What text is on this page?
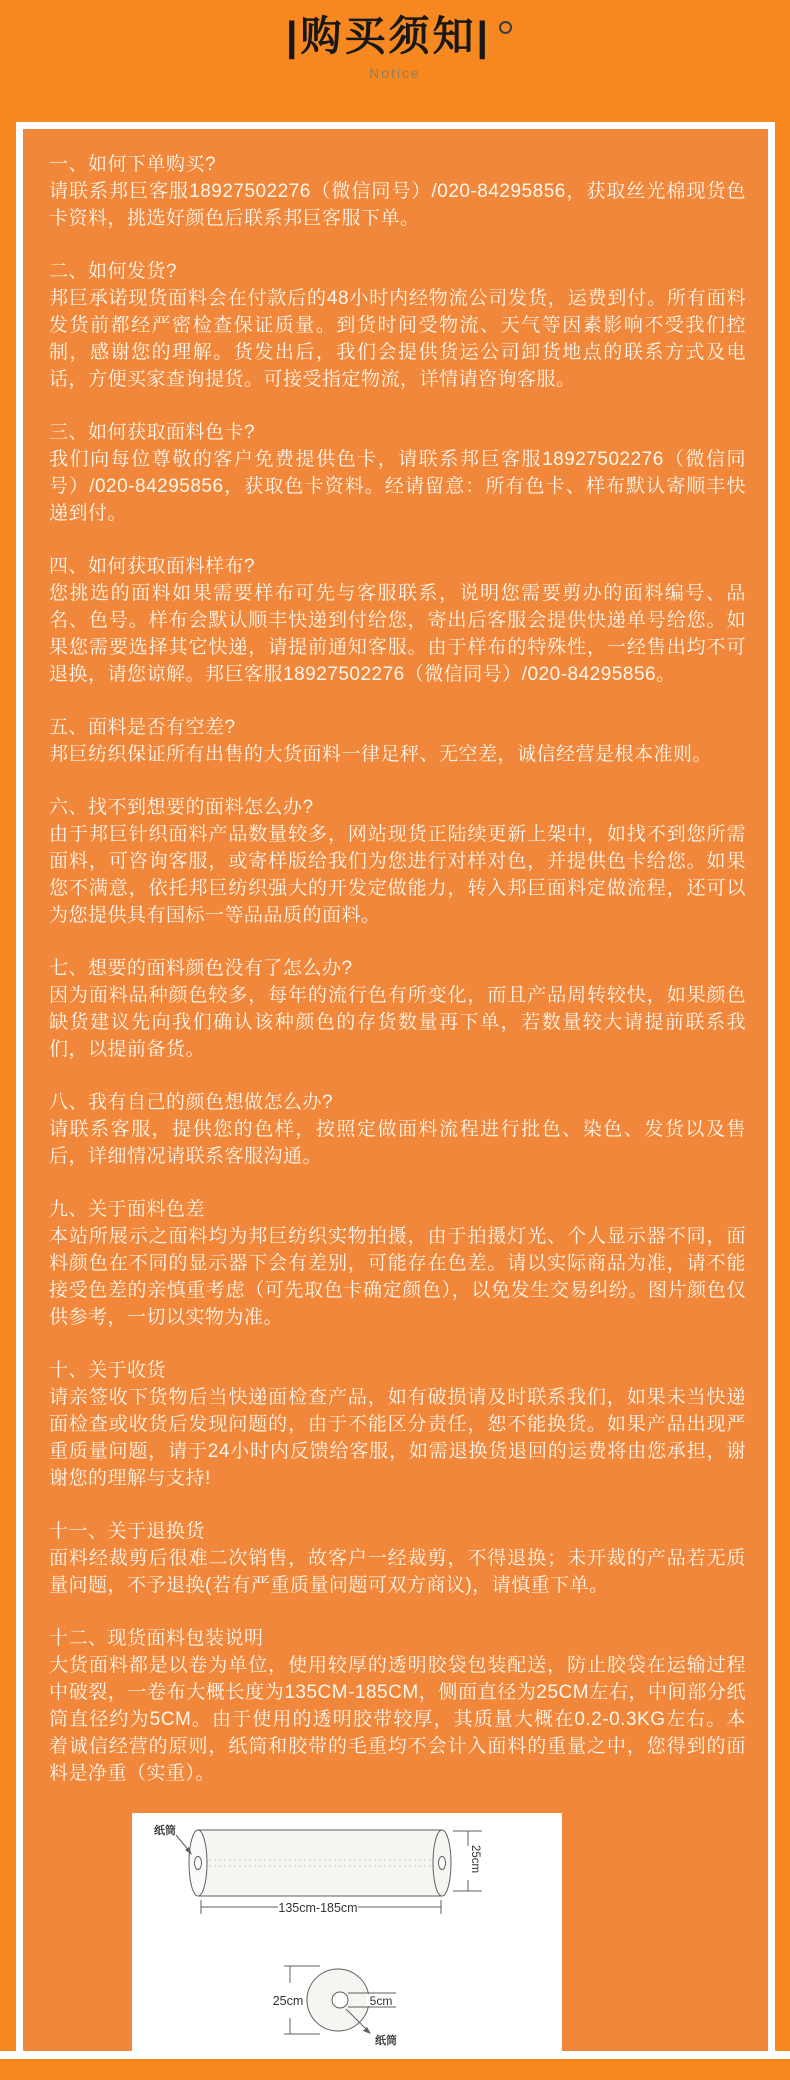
|购买须知|
Notice
一、如何下单购买?
请联系邦巨客服18927502276（微信同号）/020-84295856，获取丝光棉现货色卡资料，挑选好颜色后联系邦巨客服下单。
二、如何发货?
邦巨承诺现货面料会在付款后的48小时内经物流公司发货，运费到付。所有面料发货前都经严密检查保证质量。到货时间受物流、天气等因素影响不受我们控制，感谢您的理解。货发出后，我们会提供货运公司卸货地点的联系方式及电话，方便买家查询提货。可接受指定物流，详情请咨询客服。
三、如何获取面料色卡?
我们向每位尊敬的客户免费提供色卡，请联系邦巨客服18927502276（微信同号）/020-84295856，获取色卡资料。经请留意：所有色卡、样布默认寄顺丰快递到付。
四、如何获取面料样布?
您挑选的面料如果需要样布可先与客服联系，说明您需要剪办的面料编号、品名、色号。样布会默认顺丰快递到付给您，寄出后客服会提供快递单号给您。如果您需要选择其它快递，请提前通知客服。由于样布的特殊性，一经售出均不可退换，请您谅解。邦巨客服18927502276（微信同号）/020-84295856。
五、面料是否有空差?
邦巨纺织保证所有出售的大货面料一律足秤、无空差，诚信经营是根本准则。
六、找不到想要的面料怎么办?
由于邦巨针织面料产品数量较多，网站现货正陆续更新上架中，如找不到您所需面料，可咨询客服，或寄样版给我们为您进行对样对色，并提供色卡给您。如果您不满意，依托邦巨纺织强大的开发定做能力，转入邦巨面料定做流程，还可以为您提供具有国标一等品品质的面料。
七、想要的面料颜色没有了怎么办?
因为面料品种颜色较多，每年的流行色有所变化，而且产品周转较快，如果颜色缺货建议先向我们确认该种颜色的存货数量再下单，若数量较大请提前联系我们，以提前备货。
八、我有自己的颜色想做怎么办?
请联系客服，提供您的色样，按照定做面料流程进行批色、染色、发货以及售后，详细情况请联系客服沟通。
九、关于面料色差
本站所展示之面料均为邦巨纺织实物拍摄，由于拍摄灯光、个人显示器不同，面料颜色在不同的显示器下会有差别，可能存在色差。请以实际商品为准，请不能接受色差的亲慎重考虑（可先取色卡确定颜色），以免发生交易纠纷。图片颜色仅供参考，一切以实物为准。
十、关于收货
请亲签收下货物后当快递面检查产品，如有破损请及时联系我们，如果未当快递面检查或收货后发现问题的，由于不能区分责任，恕不能换货。如果产品出现严重质量问题，请于24小时内反馈给客服，如需退换货退回的运费将由您承担，谢谢您的理解与支持!
十一、关于退换货
面料经裁剪后很难二次销售，故客户一经裁剪，不得退换；未开裁的产品若无质量问题，不予退换(若有严重质量问题可双方商议)，请慎重下单。
十二、现货面料包装说明
大货面料都是以卷为单位，使用较厚的透明胶袋包装配送，防止胶袋在运输过程中破裂，一卷布大概长度为135CM-185CM，侧面直径为25CM左右，中间部分纸筒直径约为5CM。由于使用的透明胶带较厚，其质量大概在0.2-0.3KG左右。本着诚信经营的原则，纸筒和胶带的毛重均不会计入面料的重量之中，您得到的面料是净重（实重）。
纸筒
135cm-185cm
25cm
25cm	5cm
纸筒
